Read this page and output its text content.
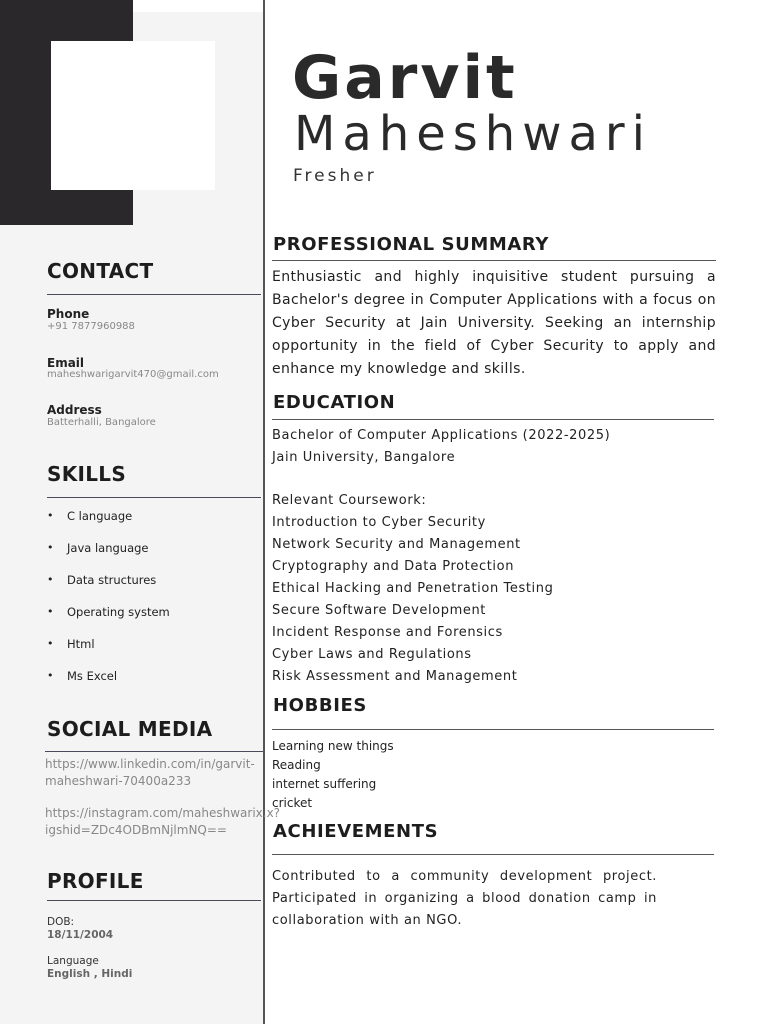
Garvit
Maheshwari
Fresher
CONTACT
Phone
+91 7877960988
Email
maheshwarigarvit470@gmail.com
Address
Batterhalli, Bangalore
SKILLS
• C language
• Java language
• Data structures
• Operating system
• Html
• Ms Excel
SOCIAL MEDIA
https://www.linkedin.com/in/garvit-maheshwari-70400a233
https://instagram.com/maheshwarix.x?igshid=ZDc4ODBmNjlmNQ==
PROFILE
DOB:
18/11/2004
Language
English , Hindi
PROFESSIONAL SUMMARY
Enthusiastic and highly inquisitive student pursuing a Bachelor's degree in Computer Applications with a focus on Cyber Security at Jain University. Seeking an internship opportunity in the field of Cyber Security to apply and enhance my knowledge and skills.
EDUCATION
Bachelor of Computer Applications (2022-2025)
Jain University, Bangalore
Relevant Coursework:
Introduction to Cyber Security
Network Security and Management
Cryptography and Data Protection
Ethical Hacking and Penetration Testing
Secure Software Development
Incident Response and Forensics
Cyber Laws and Regulations
Risk Assessment and Management
HOBBIES
Learning new things
Reading
internet suffering
cricket
ACHIEVEMENTS
Contributed to a community development project. Participated in organizing a blood donation camp in collaboration with an NGO.
